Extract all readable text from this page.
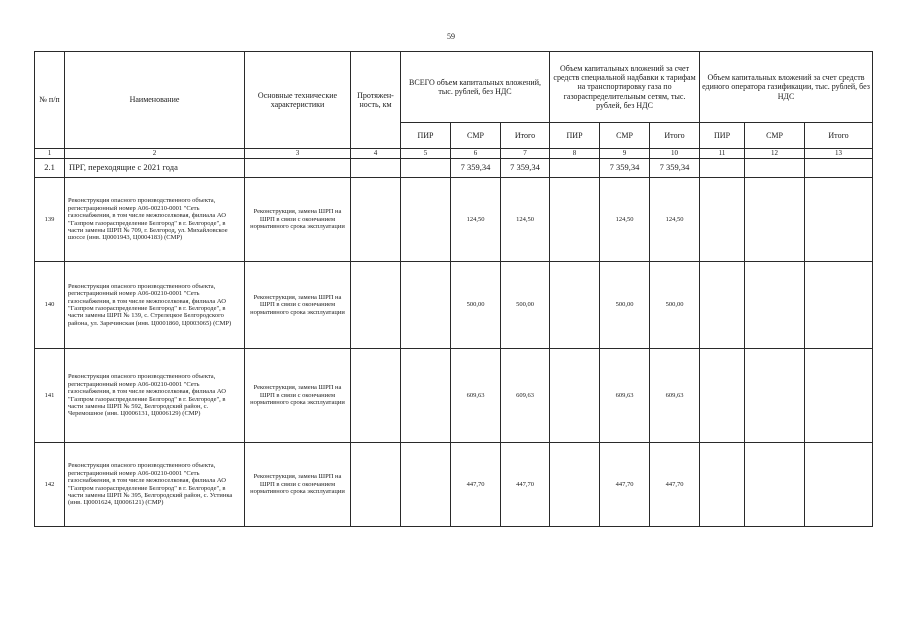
59
№ п/п	Наименование	Основные технические характеристики	Протяжен-ность, км	ВСЕГО объем капитальных вложений, тыс. рублей, без НДС			Объем капитальных вложений за счет средств специальной надбавки к тарифам на транспортировку газа по газораспределительным сетям, тыс. рублей, без НДС			Объем капитальных вложений за счет средств единого оператора газификации, тыс. рублей, без НДС		
				ПИР	СМР	Итого	ПИР	СМР	Итого	ПИР	СМР	Итого
1	2	3	4	5	6	7	8	9	10	11	12	13
2.1	ПРГ, переходящие с 2021 года				7 359,34	7 359,34		7 359,34	7 359,34			
139	Реконструкция опасного производственного объекта, регистрационный номер А06-00210-0001 "Сеть газоснабжения, в том числе межпоселковая, филиала АО "Газпром газораспределение Белгород" в г. Белгороде", в части замены ШРП № 709, г. Белгород, ул. Михайловское шоссе (инв. Ц0001943, Ц0004183) (СМР)	Реконструкция, замена ШРП на ШРП в связи с окончанием нормативного срока эксплуатации			124,50	124,50		124,50	124,50			
140	Реконструкция опасного производственного объекта, регистрационный номер А06-00210-0001 "Сеть газоснабжения, в том числе межпоселковая, филиала АО "Газпром газораспределение Белгород" в г. Белгороде", в части замены ШРП № 139, с. Стрелецкое Белгородского района, ул. Заречинская (инв. Ц0001860, Ц0003065) (СМР)	Реконструкция, замена ШРП на ШРП в связи с окончанием нормативного срока эксплуатации			500,00	500,00		500,00	500,00			
141	Реконструкция опасного производственного объекта, регистрационный номер А06-00210-0001 "Сеть газоснабжения, в том числе межпоселковая, филиала АО "Газпром газораспределение Белгород" в г. Белгороде", в части замены ШРП № 592, Белгородский район, с. Черемошное (инв. Ц0006131, Ц0006129) (СМР)	Реконструкция, замена ШРП на ШРП в связи с окончанием нормативного срока эксплуатации			609,63	609,63		609,63	609,63			
142	Реконструкция опасного производственного объекта, регистрационный номер А06-00210-0001 "Сеть газоснабжения, в том числе межпоселковая, филиала АО "Газпром газораспределение Белгород" в г. Белгороде", в части замены ШРП № 395, Белгородский район, с. Устинка (инв. Ц0001624, Ц0006121) (СМР)	Реконструкция, замена ШРП на ШРП в связи с окончанием нормативного срока эксплуатации			447,70	447,70		447,70	447,70			
